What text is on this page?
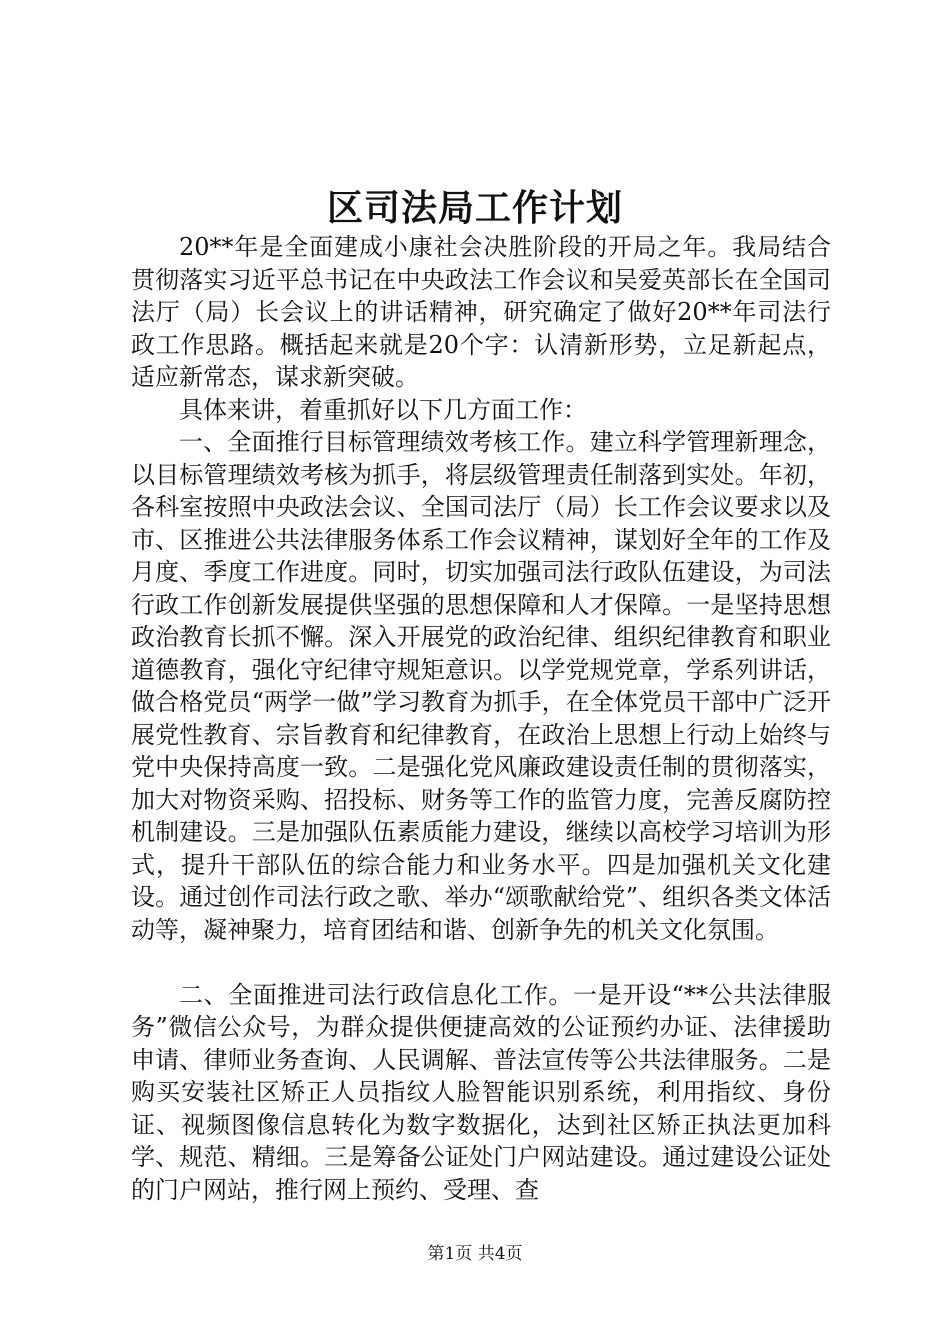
区司法局工作计划

20**年是全面建成小康社会决胜阶段的开局之年。我局结合贯彻落实习近平总书记在中央政法工作会议和吴爱英部长在全国司法厅（局）长会议上的讲话精神，研究确定了做好20**年司法行政工作思路。概括起来就是20个字：认清新形势，立足新起点，适应新常态，谋求新突破。

具体来讲，着重抓好以下几方面工作：

一、全面推行目标管理绩效考核工作。建立科学管理新理念，以目标管理绩效考核为抓手，将层级管理责任制落到实处。年初，各科室按照中央政法会议、全国司法厅（局）长工作会议要求以及市、区推进公共法律服务体系工作会议精神，谋划好全年的工作及月度、季度工作进度。同时，切实加强司法行政队伍建设，为司法行政工作创新发展提供坚强的思想保障和人才保障。一是坚持思想政治教育长抓不懈。深入开展党的政治纪律、组织纪律教育和职业道德教育，强化守纪律守规矩意识。以学党规党章，学系列讲话，做合格党员“两学一做”学习教育为抓手，在全体党员干部中广泛开展党性教育、宗旨教育和纪律教育，在政治上思想上行动上始终与党中央保持高度一致。二是强化党风廉政建设责任制的贯彻落实，加大对物资采购、招投标、财务等工作的监管力度，完善反腐防控机制建设。三是加强队伍素质能力建设，继续以高校学习培训为形式，提升干部队伍的综合能力和业务水平。四是加强机关文化建设。通过创作司法行政之歌、举办“颂歌献给党”、组织各类文体活动等，凝神聚力，培育团结和谐、创新争先的机关文化氛围。

二、全面推进司法行政信息化工作。一是开设“**公共法律服务”微信公众号，为群众提供便捷高效的公证预约办证、法律援助申请、律师业务查询、人民调解、普法宣传等公共法律服务。二是购买安装社区矫正人员指纹人脸智能识别系统，利用指纹、身份证、视频图像信息转化为数字数据化，达到社区矫正执法更加科学、规范、精细。三是筹备公证处门户网站建设。通过建设公证处的门户网站，推行网上预约、受理、查

第1页 共4页
